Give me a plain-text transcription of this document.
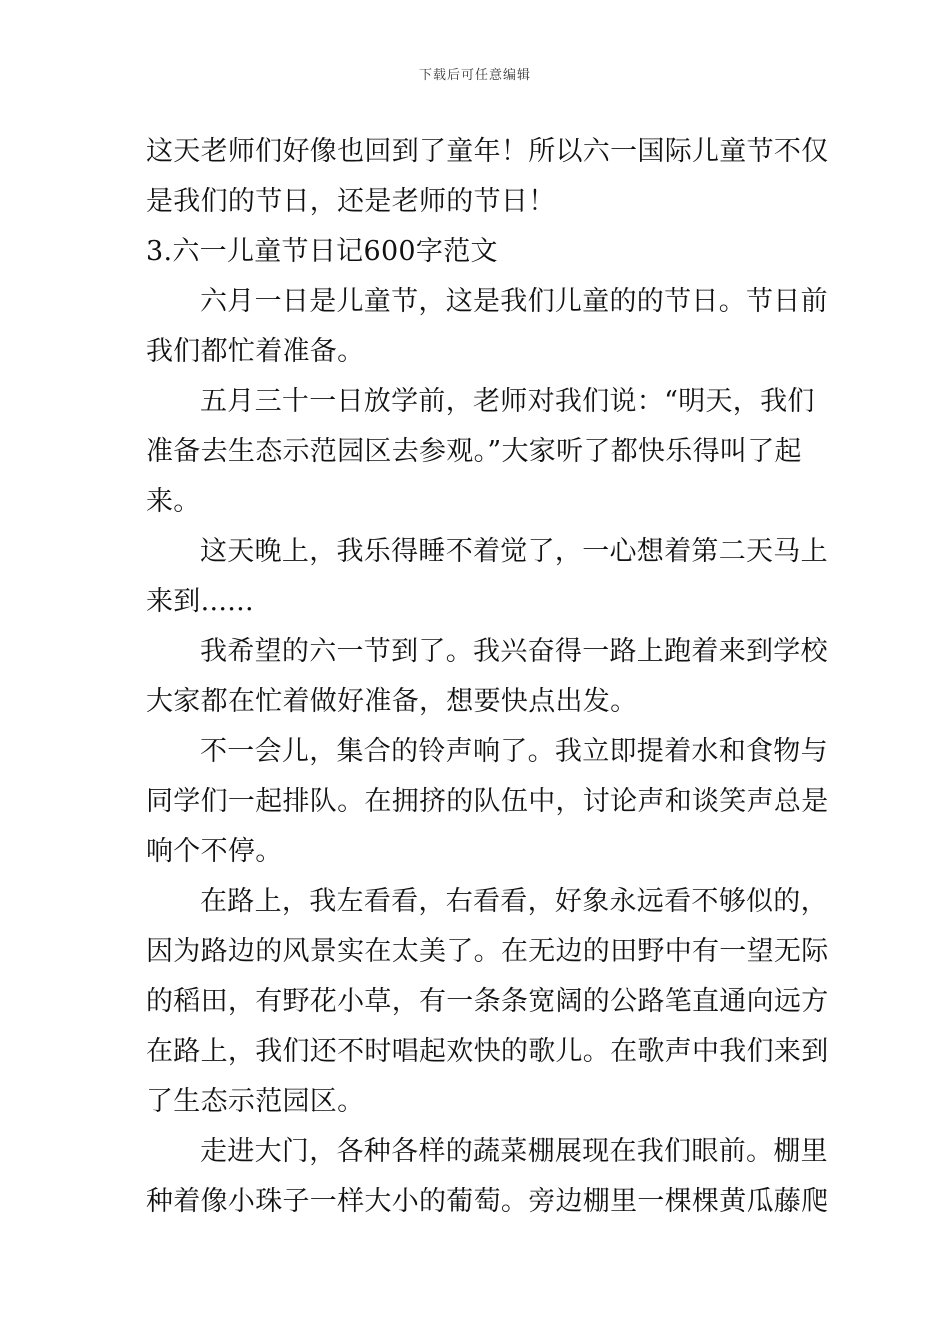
下载后可任意编辑
这天老师们好像也回到了童年！所以六一国际儿童节不仅
是我们的节日，还是老师的节日！
3.六一儿童节日记600字范文
六月一日是儿童节，这是我们儿童的的节日。节日前
我们都忙着准备。
五月三十一日放学前，老师对我们说：“明天，我们
准备去生态示范园区去参观。”大家听了都快乐得叫了起
来。
这天晚上，我乐得睡不着觉了，一心想着第二天马上
来到......
我希望的六一节到了。我兴奋得一路上跑着来到学校
大家都在忙着做好准备，想要快点出发。
不一会儿，集合的铃声响了。我立即提着水和食物与
同学们一起排队。在拥挤的队伍中，讨论声和谈笑声总是
响个不停。
在路上，我左看看，右看看，好象永远看不够似的，
因为路边的风景实在太美了。在无边的田野中有一望无际
的稻田，有野花小草，有一条条宽阔的公路笔直通向远方
在路上，我们还不时唱起欢快的歌儿。在歌声中我们来到
了生态示范园区。
走进大门，各种各样的蔬菜棚展现在我们眼前。棚里
种着像小珠子一样大小的葡萄。旁边棚里一棵棵黄瓜藤爬
